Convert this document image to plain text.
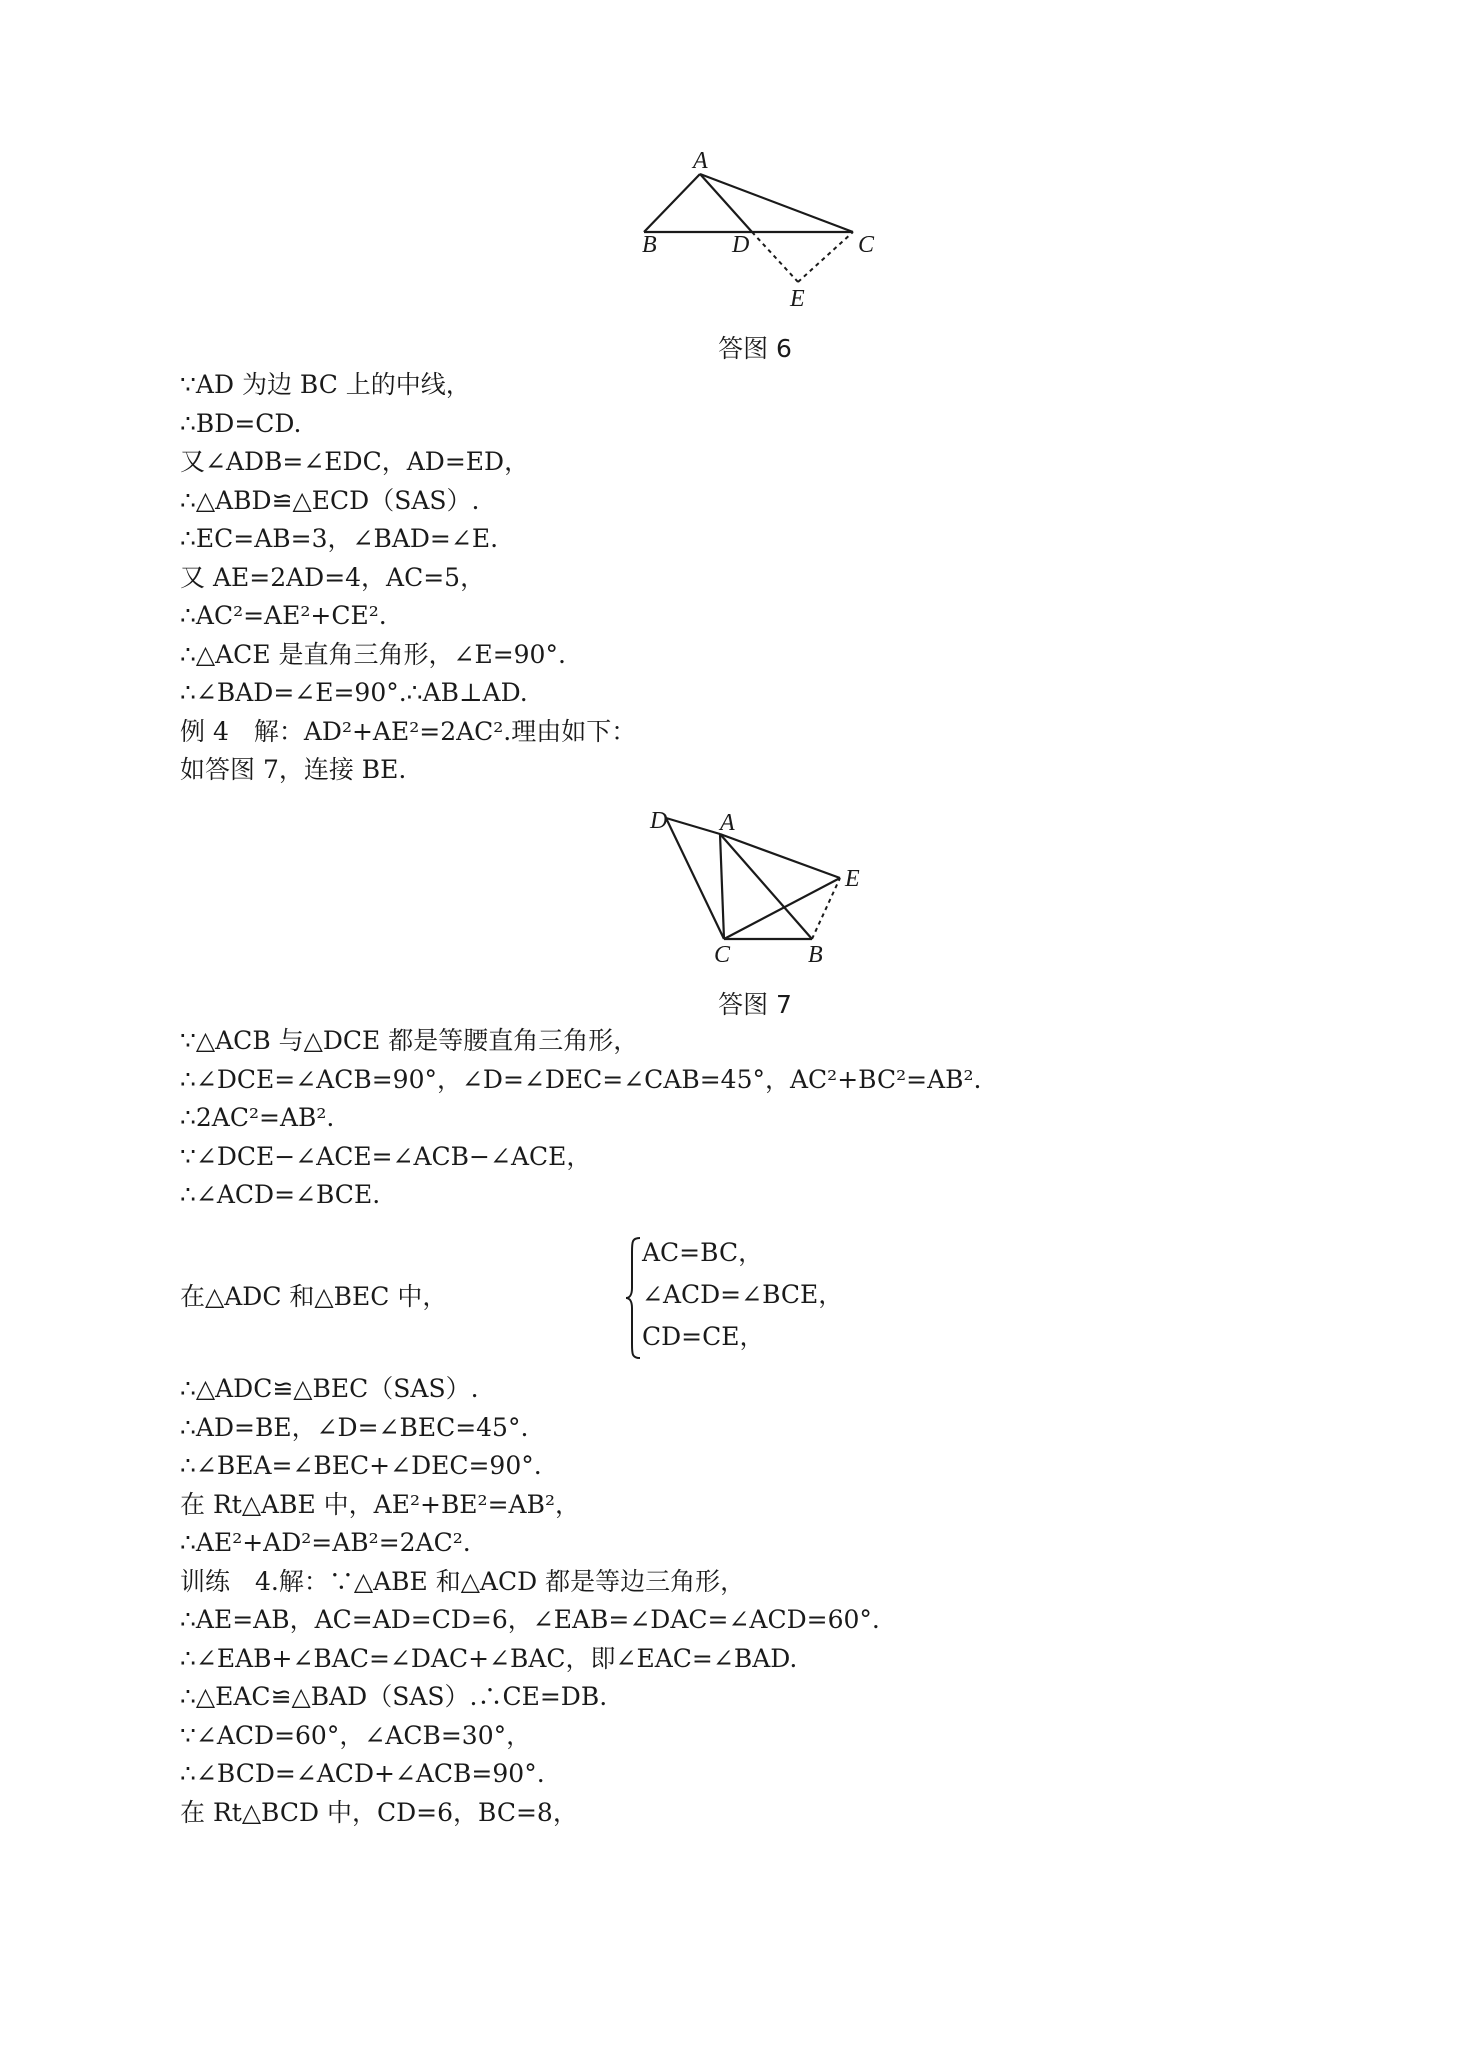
A
B	D	C
E
答图 6
∵AD 为边 BC 上的中线，
∴BD=CD.
又∠ADB=∠EDC，AD=ED，
∴△ABD≌△ECD（SAS）.
∴EC=AB=3，∠BAD=∠E.
又 AE=2AD=4，AC=5，
∴AC²=AE²+CE².
∴△ACE 是直角三角形，∠E=90°.
∴∠BAD=∠E=90°.∴AB⊥AD.
例 4　解：AD²+AE²=2AC².理由如下：
如答图 7，连接 BE.
D A
E
C	B
答图 7
∵△ACB 与△DCE 都是等腰直角三角形，
∴∠DCE=∠ACB=90°，∠D=∠DEC=∠CAB=45°，AC²+BC²=AB².
∴2AC²=AB².
∵∠DCE−∠ACE=∠ACB−∠ACE，
∴∠ACD=∠BCE.
在△ADC 和△BEC 中，
AC=BC，
∠ACD=∠BCE，
CD=CE，
∴△ADC≌△BEC（SAS）.
∴AD=BE，∠D=∠BEC=45°.
∴∠BEA=∠BEC+∠DEC=90°.
在 Rt△ABE 中，AE²+BE²=AB²，
∴AE²+AD²=AB²=2AC².
训练　4.解：∵△ABE 和△ACD 都是等边三角形，
∴AE=AB，AC=AD=CD=6，∠EAB=∠DAC=∠ACD=60°.
∴∠EAB+∠BAC=∠DAC+∠BAC，即∠EAC=∠BAD.
∴△EAC≌△BAD（SAS）.∴CE=DB.
∵∠ACD=60°，∠ACB=30°，
∴∠BCD=∠ACD+∠ACB=90°.
在 Rt△BCD 中，CD=6，BC=8，
